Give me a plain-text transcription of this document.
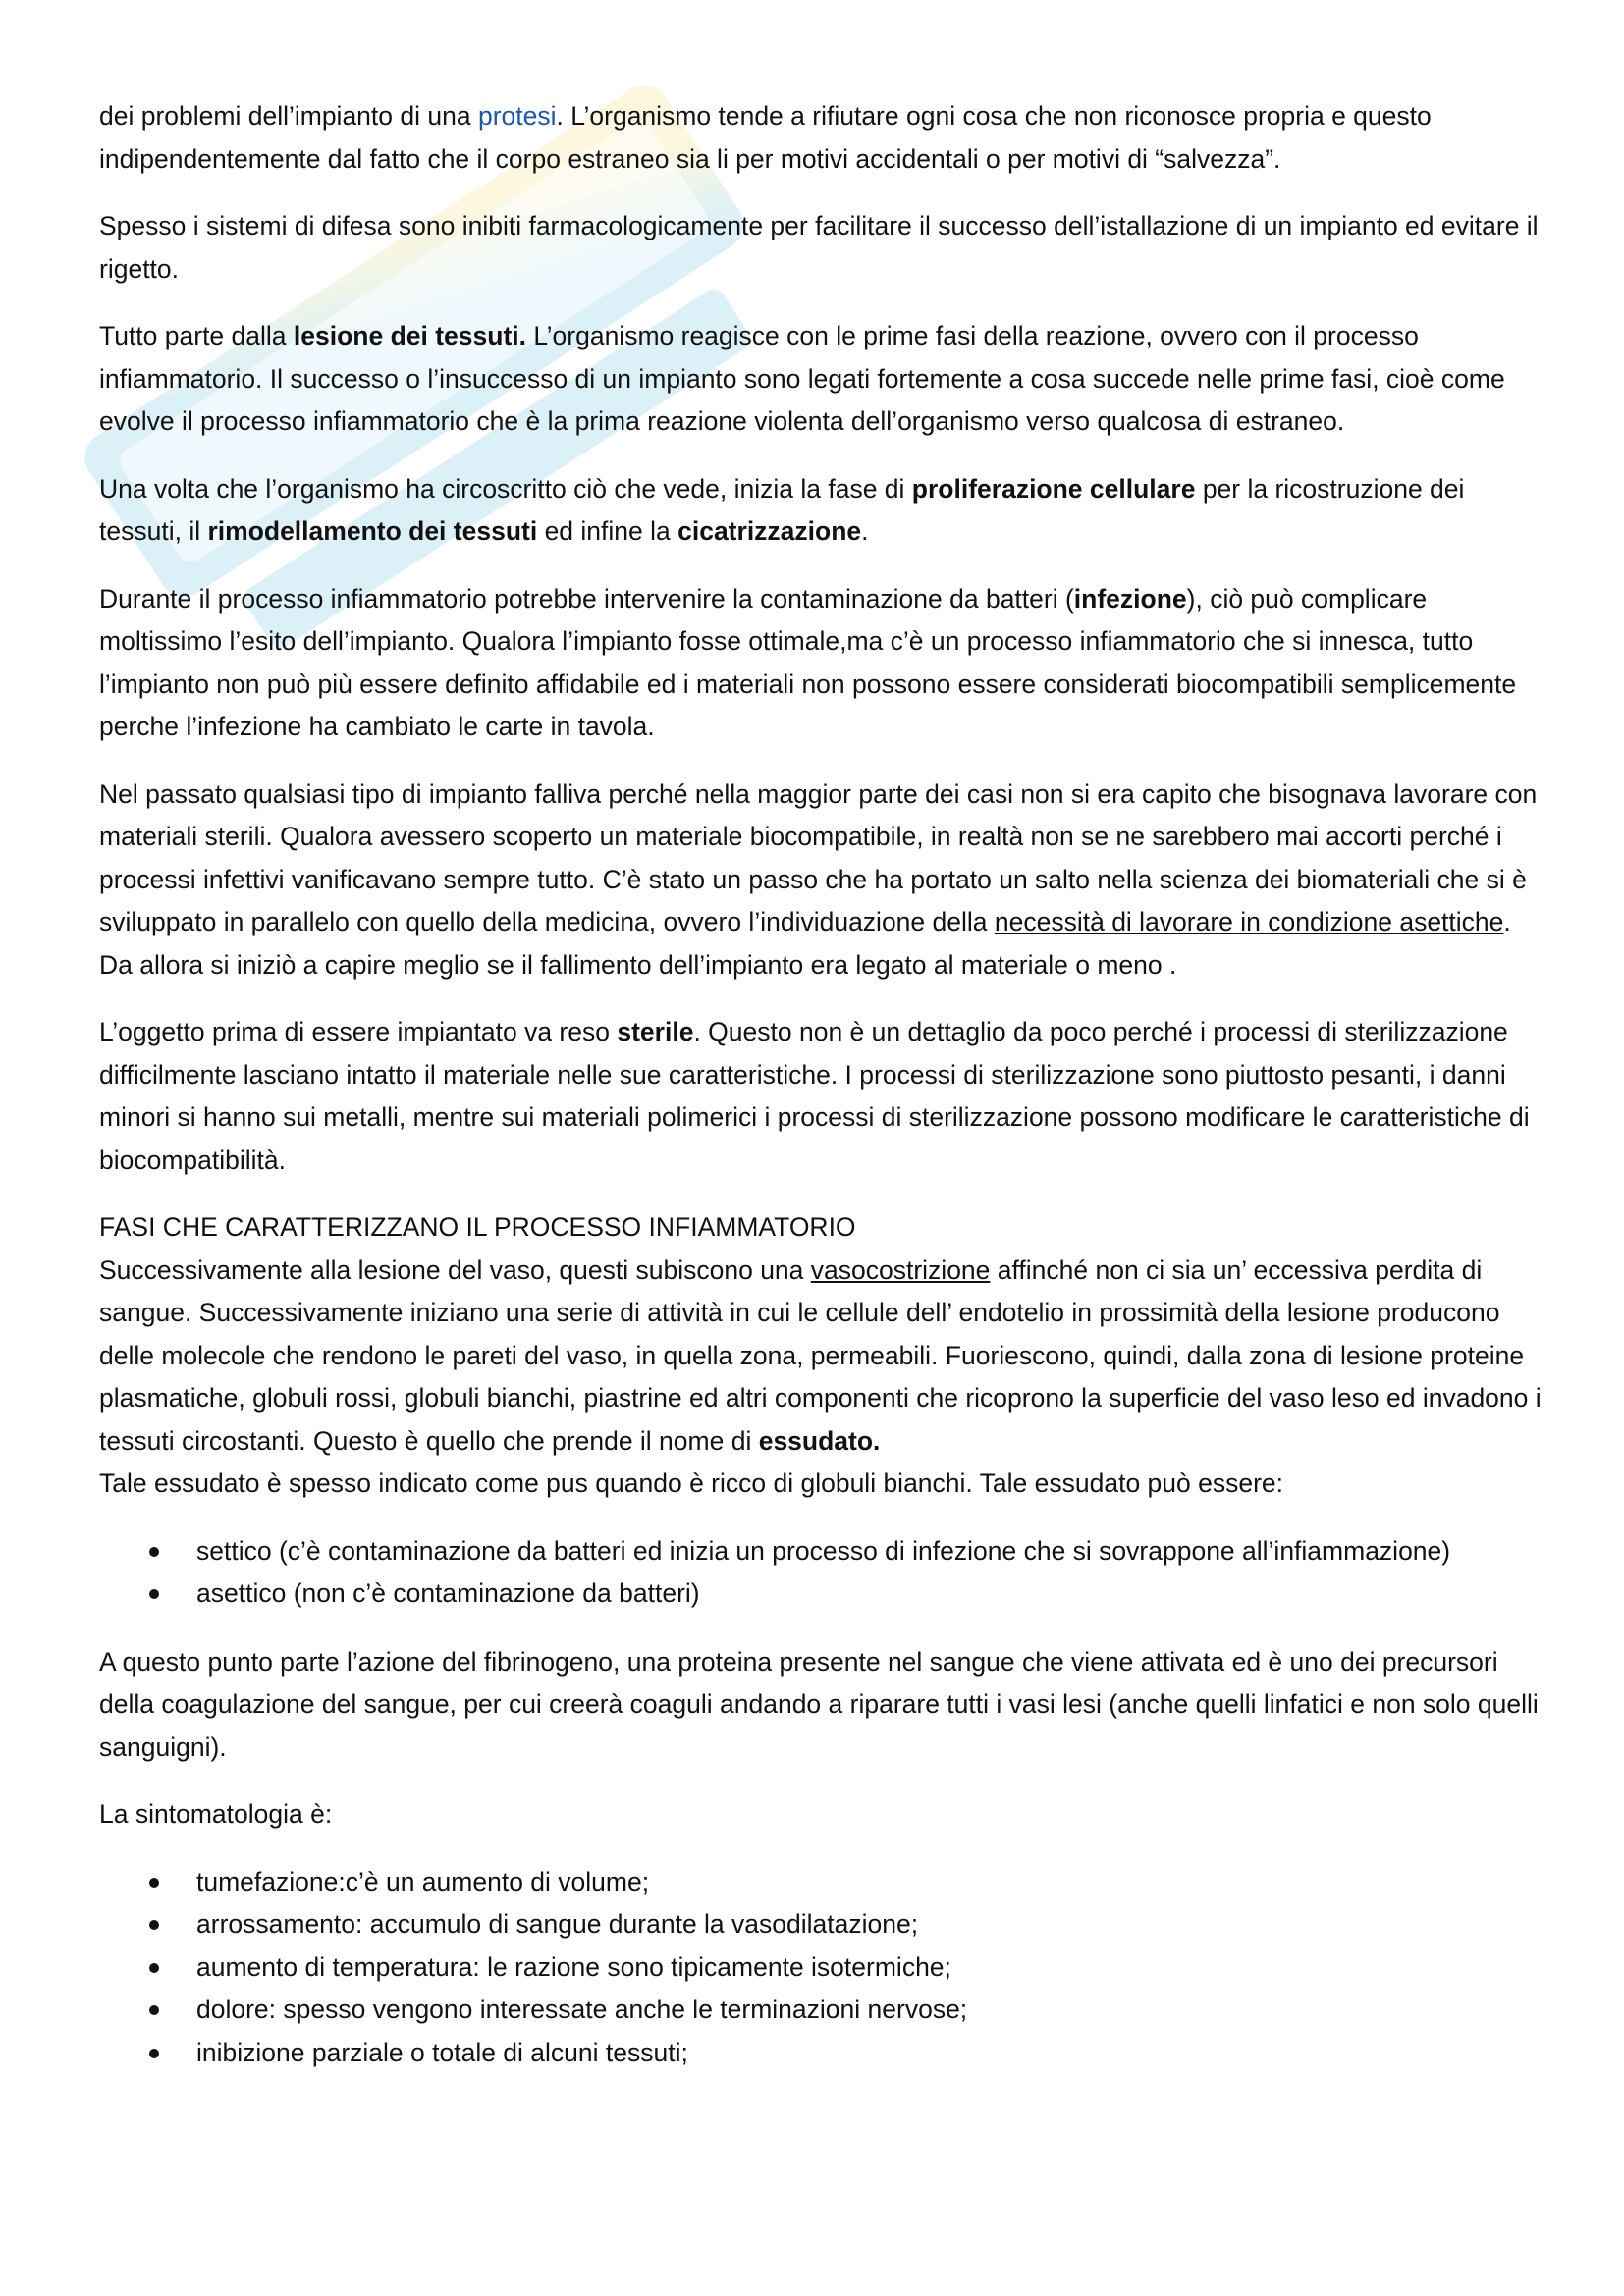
dei problemi dell’impianto di una protesi. L’organismo tende a rifiutare ogni cosa che non riconosce propria e questo indipendentemente dal fatto che il corpo estraneo sia li per motivi accidentali o per motivi di “salvezza”.

Spesso i sistemi di difesa sono inibiti farmacologicamente per facilitare il successo dell’istallazione di un impianto ed evitare il rigetto.

Tutto parte dalla lesione dei tessuti. L’organismo reagisce con le prime fasi della reazione, ovvero con il processo infiammatorio. Il successo o l’insuccesso di un impianto sono legati fortemente a cosa succede nelle prime fasi, cioè come evolve il processo infiammatorio che è la prima reazione violenta dell’organismo verso qualcosa di estraneo.

Una volta che l’organismo ha circoscritto ciò che vede, inizia la fase di proliferazione cellulare per la ricostruzione dei tessuti, il rimodellamento dei tessuti ed infine la cicatrizzazione.

Durante il processo infiammatorio potrebbe intervenire la contaminazione da batteri (infezione), ciò può complicare moltissimo l’esito dell’impianto. Qualora l’impianto fosse ottimale,ma c’è un processo infiammatorio che si innesca, tutto l’impianto non può più essere definito affidabile ed i materiali non possono essere considerati biocompatibili semplicemente perche l’infezione ha cambiato le carte in tavola.

Nel passato qualsiasi tipo di impianto falliva perché nella maggior parte dei casi non si era capito che bisognava lavorare con materiali sterili. Qualora avessero scoperto un materiale biocompatibile, in realtà non se ne sarebbero mai accorti perché i processi infettivi vanificavano sempre tutto. C’è stato un passo che ha portato un salto nella scienza dei biomateriali che si è sviluppato in parallelo con quello della medicina, ovvero l’individuazione della necessità di lavorare in condizione asettiche. Da allora si iniziò a capire meglio se il fallimento dell’impianto era legato al materiale o meno .

L’oggetto prima di essere impiantato va reso sterile. Questo non è un dettaglio da poco perché i processi di sterilizzazione difficilmente lasciano intatto il materiale nelle sue caratteristiche. I processi di sterilizzazione sono piuttosto pesanti, i danni minori si hanno sui metalli, mentre sui materiali polimerici i processi di sterilizzazione possono modificare le caratteristiche di biocompatibilità.

FASI CHE CARATTERIZZANO IL PROCESSO INFIAMMATORIO

Successivamente alla lesione del vaso, questi subiscono una vasocostrizione affinché non ci sia un’ eccessiva perdita di sangue. Successivamente iniziano una serie di attività in cui le cellule dell’ endotelio in prossimità della lesione producono delle molecole che rendono le pareti del vaso, in quella zona, permeabili. Fuoriescono, quindi, dalla zona di lesione proteine plasmatiche, globuli rossi, globuli bianchi, piastrine ed altri componenti che ricoprono la superficie del vaso leso ed invadono i tessuti circostanti. Questo è quello che prende il nome di essudato.

Tale essudato è spesso indicato come pus quando è ricco di globuli bianchi. Tale essudato può essere:

settico (c’è contaminazione da batteri ed inizia un processo di infezione che si sovrappone all’infiammazione)
asettico (non c’è contaminazione da batteri)

A questo punto parte l’azione del fibrinogeno, una proteina presente nel sangue che viene attivata ed è uno dei precursori della coagulazione del sangue, per cui creerà coaguli andando a riparare tutti i vasi lesi (anche quelli linfatici e non solo quelli sanguigni).

La sintomatologia è:

tumefazione:c’è un aumento di volume;
arrossamento: accumulo di sangue durante la vasodilatazione;
aumento di temperatura: le razione sono tipicamente isotermiche;
dolore: spesso vengono interessate anche le terminazioni nervose;
inibizione parziale o totale di alcuni tessuti;
